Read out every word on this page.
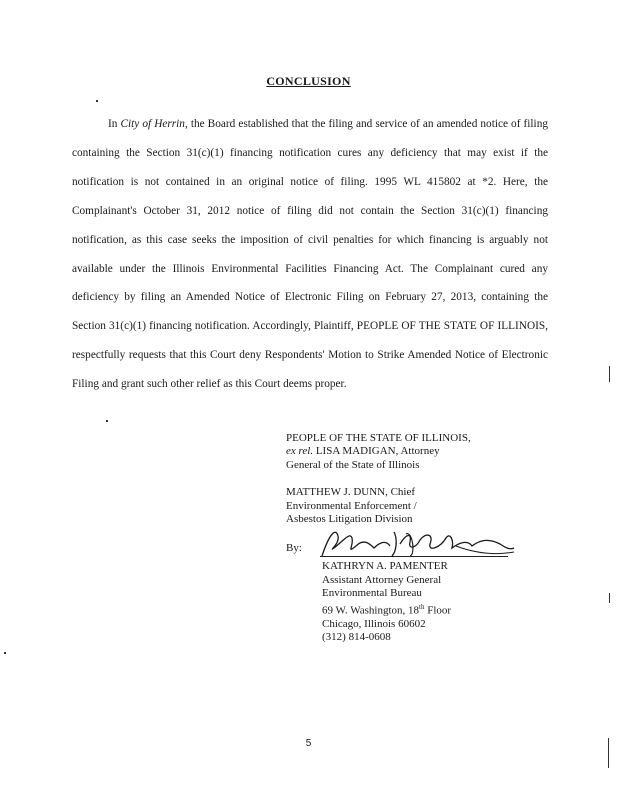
CONCLUSION

In City of Herrin, the Board established that the filing and service of an amended notice of filing containing the Section 31(c)(1) financing notification cures any deficiency that may exist if the notification is not contained in an original notice of filing. 1995 WL 415802 at *2. Here, the Complainant's October 31, 2012 notice of filing did not contain the Section 31(c)(1) financing notification, as this case seeks the imposition of civil penalties for which financing is arguably not available under the Illinois Environmental Facilities Financing Act. The Complainant cured any deficiency by filing an Amended Notice of Electronic Filing on February 27, 2013, containing the Section 31(c)(1) financing notification. Accordingly, Plaintiff, PEOPLE OF THE STATE OF ILLINOIS, respectfully requests that this Court deny Respondents' Motion to Strike Amended Notice of Electronic Filing and grant such other relief as this Court deems proper.

PEOPLE OF THE STATE OF ILLINOIS,
ex rel. LISA MADIGAN, Attorney
General of the State of Illinois
MATTHEW J. DUNN, Chief
Environmental Enforcement /
Asbestos Litigation Division
By:
KATHRYN A. PAMENTER
Assistant Attorney General
Environmental Bureau
69 W. Washington, 18th Floor
Chicago, Illinois 60602
(312) 814-0608
5
